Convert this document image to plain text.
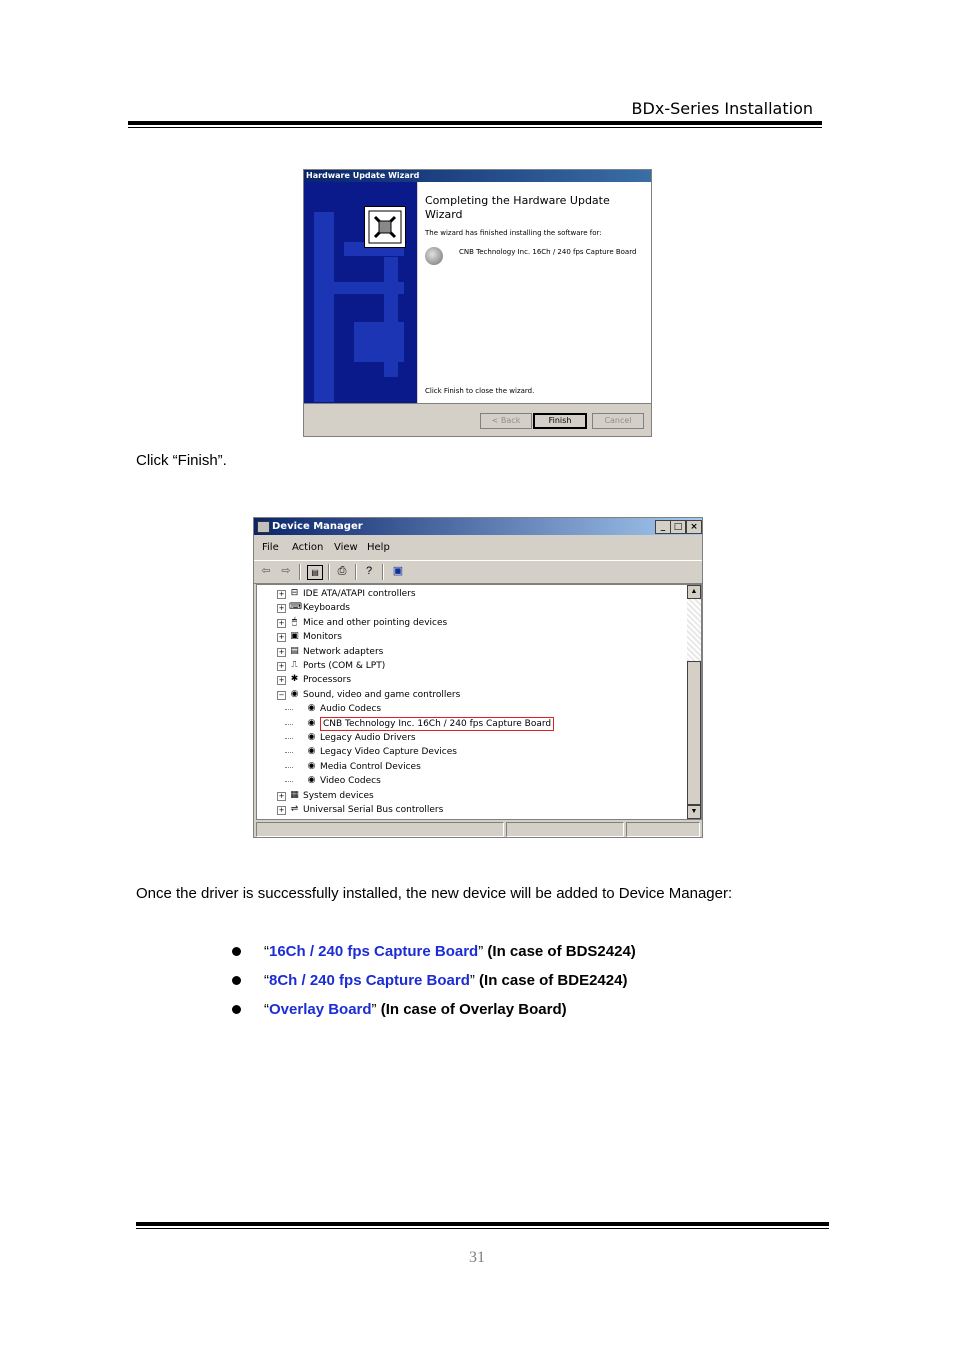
BDx-Series Installation
Hardware Update Wizard
Completing the Hardware Update Wizard
The wizard has finished installing the software for:
CNB Technology Inc. 16Ch / 240 fps Capture Board
Click Finish to close the wizard.
< Back	Finish	Cancel
Click “Finish”.
Device Manager	_ □ ×
File Action View Help
⇦ ⇨	▤	⎙	?	▣
▲
▼
+ ⊟ IDE ATA/ATAPI controllers
+ ⌨ Keyboards
+ 🖱 Mice and other pointing devices
+ ▣ Monitors
+ ▤ Network adapters
+ ⎍ Ports (COM & LPT)
+ ✱ Processors
− ◉ Sound, video and game controllers
◉ Audio Codecs
◉ CNB Technology Inc. 16Ch / 240 fps Capture Board
◉ Legacy Audio Drivers
◉ Legacy Video Capture Devices
◉ Media Control Devices
◉ Video Codecs
+ ▦ System devices
+ ⇌ Universal Serial Bus controllers
Once the driver is successfully installed, the new device will be added to Device Manager:
“16Ch / 240 fps Capture Board” (In case of BDS2424)
“8Ch / 240 fps Capture Board” (In case of BDE2424)
“Overlay Board” (In case of Overlay Board)
31
